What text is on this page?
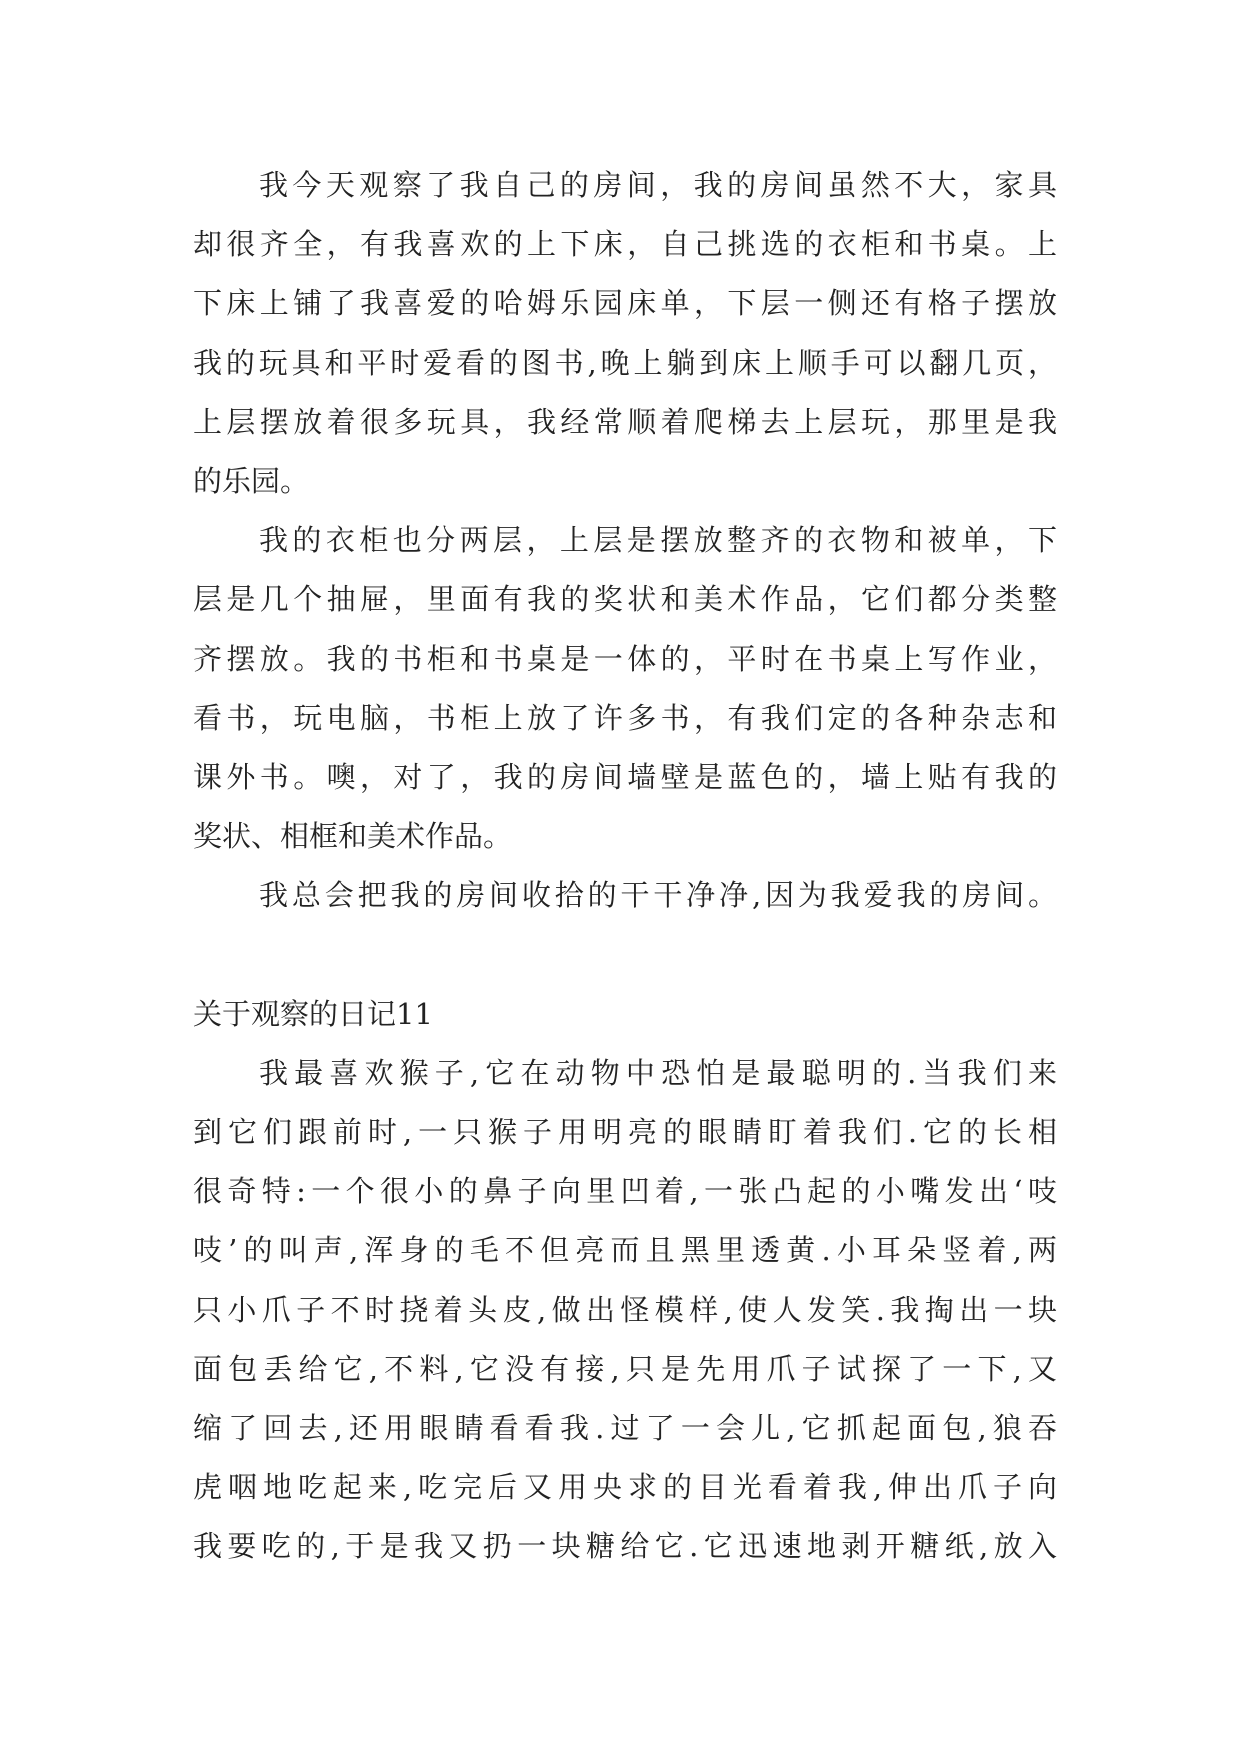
我今天观察了我自己的房间，我的房间虽然不大，家具
却很齐全，有我喜欢的上下床，自己挑选的衣柜和书桌。上
下床上铺了我喜爱的哈姆乐园床单，下层一侧还有格子摆放
我的玩具和平时爱看的图书,晚上躺到床上顺手可以翻几页，
上层摆放着很多玩具，我经常顺着爬梯去上层玩，那里是我
的乐园。
我的衣柜也分两层，上层是摆放整齐的衣物和被单，下
层是几个抽屉，里面有我的奖状和美术作品，它们都分类整
齐摆放。我的书柜和书桌是一体的，平时在书桌上写作业，
看书，玩电脑，书柜上放了许多书，有我们定的各种杂志和
课外书。噢，对了，我的房间墙壁是蓝色的，墙上贴有我的
奖状、相框和美术作品。
我总会把我的房间收拾的干干净净,因为我爱我的房间。
关于观察的日记11
我最喜欢猴子,它在动物中恐怕是最聪明的.当我们来
到它们跟前时,一只猴子用明亮的眼睛盯着我们.它的长相
很奇特:一个很小的鼻子向里凹着,一张凸起的小嘴发出‘吱
吱’的叫声,浑身的毛不但亮而且黑里透黄.小耳朵竖着,两
只小爪子不时挠着头皮,做出怪模样,使人发笑.我掏出一块
面包丢给它,不料,它没有接,只是先用爪子试探了一下,又
缩了回去,还用眼睛看看我.过了一会儿,它抓起面包,狼吞
虎咽地吃起来,吃完后又用央求的目光看着我,伸出爪子向
我要吃的,于是我又扔一块糖给它.它迅速地剥开糖纸,放入
